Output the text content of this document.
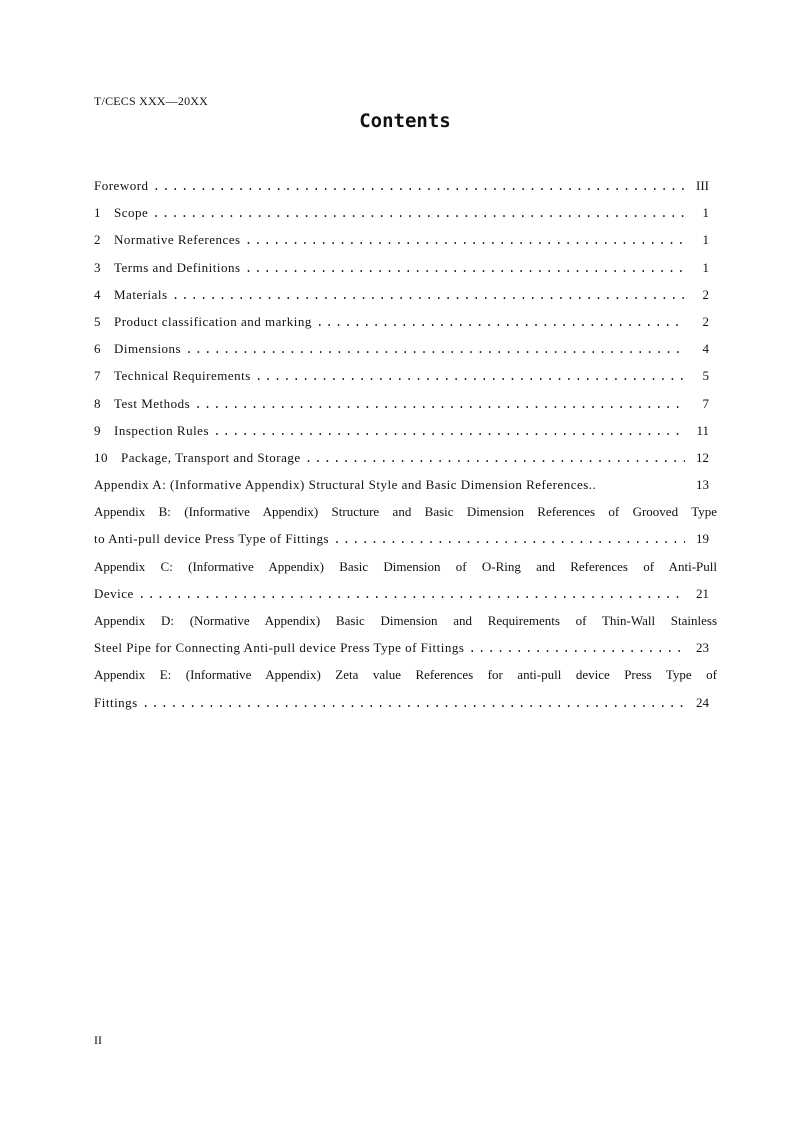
T/CECS XXX—20XX
Contents
Foreword .....	III
1 Scope .....	1
2 Normative References .....	1
3 Terms and Definitions .....	1
4 Materials .....	2
5 Product classification and marking .....	2
6 Dimensions .....	4
7 Technical Requirements .....	5
8 Test Methods .....	7
9 Inspection Rules .....	11
10 Package, Transport and Storage .....	12
Appendix A: (Informative Appendix) Structural Style and Basic Dimension References..	13
Appendix B: (Informative Appendix) Structure and Basic Dimension References of Grooved Type
to Anti-pull device Press Type of Fittings .....	19
Appendix C: (Informative Appendix) Basic Dimension of O-Ring and References of Anti-Pull
Device .....	21
Appendix D: (Normative Appendix) Basic Dimension and Requirements of Thin-Wall Stainless
Steel Pipe for Connecting Anti-pull device Press Type of Fittings .....	23
Appendix E: (Informative Appendix) Zeta value References for anti-pull device Press Type of
Fittings .....	24
II
